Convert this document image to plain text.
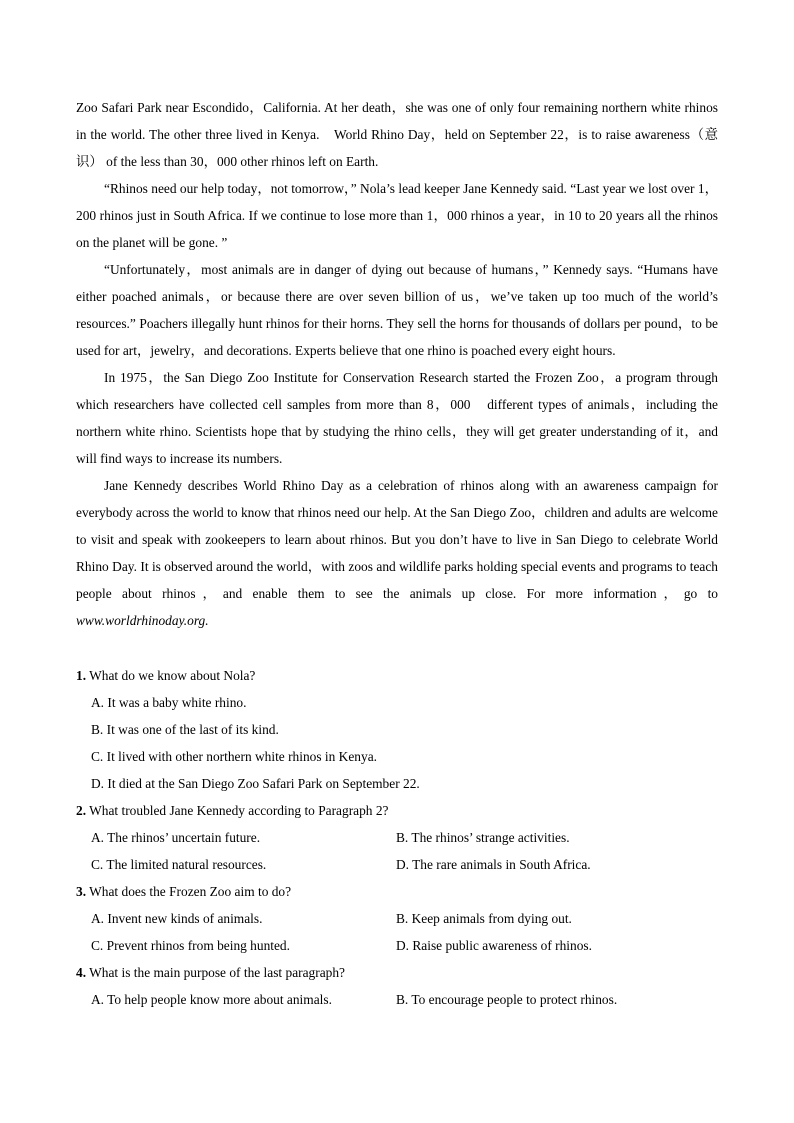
Zoo Safari Park near Escondido，California. At her death，she was one of only four remaining northern white rhinos in the world. The other three lived in Kenya.　World Rhino Day，held on September 22，is to raise awareness（意识） of the less than 30，000 other rhinos left on Earth.

“Rhinos need our help today，not tomorrow，” Nola’s lead keeper Jane Kennedy said. “Last year we lost over 1，200 rhinos just in South Africa. If we continue to lose more than 1，000 rhinos a year，in 10 to 20 years all the rhinos on the planet will be gone. ”

“Unfortunately，most animals are in danger of dying out because of humans，” Kennedy says. “Humans have either poached animals，or because there are over seven billion of us，we’ve taken up too much of the world’s resources.” Poachers illegally hunt rhinos for their horns. They sell the horns for thousands of dollars per pound，to be used for art，jewelry，and decorations. Experts believe that one rhino is poached every eight hours.

In 1975，the San Diego Zoo Institute for Conservation Research started the Frozen Zoo，a program through which researchers have collected cell samples from more than 8，000　different types of animals，including the northern white rhino. Scientists hope that by studying the rhino cells，they will get greater understanding of it，and will find ways to increase its numbers.

Jane Kennedy describes World Rhino Day as a celebration of rhinos along with an awareness campaign for everybody across the world to know that rhinos need our help. At the San Diego Zoo，children and adults are welcome to visit and speak with zookeepers to learn about rhinos. But you don’t have to live in San Diego to celebrate World Rhino Day. It is observed around the world，with zoos and wildlife parks holding special events and programs to teach people about rhinos，and enable them to see the animals up close. For more information，go to www.worldrhinoday.org.

1. What do we know about Nola?
A. It was a baby white rhino.
B. It was one of the last of its kind.
C. It lived with other northern white rhinos in Kenya.
D. It died at the San Diego Zoo Safari Park on September 22.
2. What troubled Jane Kennedy according to Paragraph 2?
A. The rhinos’ uncertain future.	B. The rhinos’ strange activities.
C. The limited natural resources.	D. The rare animals in South Africa.
3. What does the Frozen Zoo aim to do?
A. Invent new kinds of animals.	B. Keep animals from dying out.
C. Prevent rhinos from being hunted.	D. Raise public awareness of rhinos.
4. What is the main purpose of the last paragraph?
A. To help people know more about animals.	B. To encourage people to protect rhinos.
